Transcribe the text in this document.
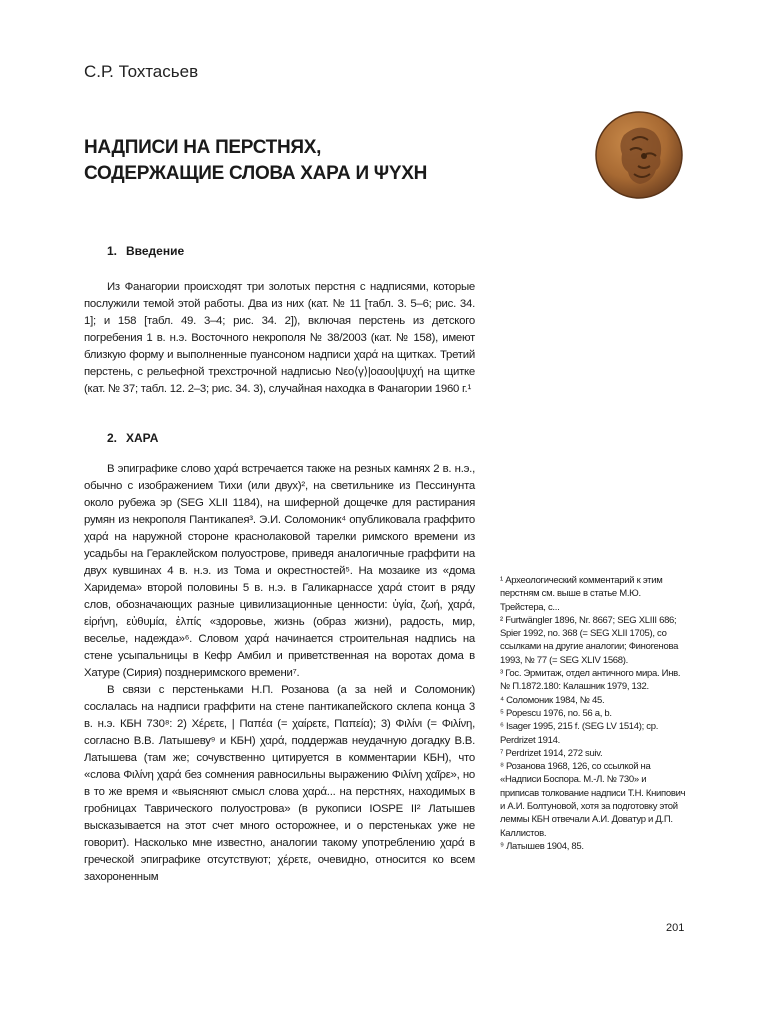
С.Р. Тохтасьев
НАДПИСИ НА ПЕРСТНЯХ,
СОДЕРЖАЩИЕ СЛОВА ΧΑΡΑ И ΨΥΧΗ
1. Введение

Из Фанагории происходят три золотых перстня с надписями, которые послужили темой этой работы. Два из них (кат. № 11 [табл. 3. 5–6; рис. 34. 1]; и 158 [табл. 49. 3–4; рис. 34. 2]), включая перстень из детского погребения 1 в. н.э. Восточного некрополя № 38/2003 (кат. № 158), имеют близкую форму и выполненные пуансоном надписи χαρά на щитках. Третий перстень, с рельефной трехстрочной надписью Νεο⟨γ⟩|οαου|ψυχή на щитке (кат. № 37; табл. 12. 2–3; рис. 34. 3), случайная находка в Фанагории 1960 г.¹

2. ΧΑΡΑ

В эпиграфике слово χαρά встречается также на резных камнях 2 в. н.э., обычно с изображением Тихи (или двух)², на светильнике из Пессинунта около рубежа эр (SEG XLII 1184), на шиферной дощечке для растирания румян из некрополя Пантикапея³. Э.И. Соломоник⁴ опубликовала граффито χαρά на наружной стороне краснолаковой тарелки римского времени из усадьбы на Гераклейском полуострове, приведя аналогичные граффити на двух кувшинах 4 в. н.э. из Тома и окрестностей⁵. На мозаике из «дома Харидема» второй половины 5 в. н.э. в Галикарнассе χαρά стоит в ряду слов, обозначающих разные цивилизационные ценности: ὑγία, ζωή, χαρά, εἰρήνη, εὐθυμία, ἐλπίς «здоровье, жизнь (образ жизни), радость, мир, веселье, надежда»⁶. Словом χαρά начинается строительная надпись на стене усыпальницы в Кефр Амбил и приветственная на воротах дома в Хатуре (Сирия) позднеримского времени⁷.

В связи с перстеньками Н.П. Розанова (а за ней и Соломоник) сослалась на надписи граффити на стене пантикапейского склепа конца 3 в. н.э. КБН 730⁸: 2) Χέρετε, | Παπέα (= χαίρετε, Παπεία); 3) Φιλίνι (= Φιλίνη, согласно В.В. Латышеву⁹ и КБН) χαρά, поддержав неудачную догадку В.В. Латышева (там же; сочувственно цитируется в комментарии КБН), что «слова Φιλίνη χαρά без сомнения равносильны выражению Φιλίνη χαῖρε», но в то же время и «выясняют смысл слова χαρά... на перстнях, находимых в гробницах Таврического полуострова» (в рукописи IOSPE II² Латышев высказывается на этот счет много осторожнее, и о перстеньках уже не говорит). Насколько мне известно, аналогии такому употреблению χαρά в греческой эпиграфике отсутствуют; χέρετε, очевидно, относится ко всем захороненным

¹ Археологический комментарий к этим перстням см. выше в статье М.Ю. Трейстера, с...

² Furtwängler 1896, Nr. 8667; SEG XLIII 686; Spier 1992, no. 368 (= SEG XLII 1705), со ссылками на другие аналогии; Финогенова 1993, № 77 (= SEG XLIV 1568).

³ Гос. Эрмитаж, отдел античного мира. Инв. № П.1872.180: Калашник 1979, 132.

⁴ Соломоник 1984, № 45.

⁵ Popescu 1976, no. 56 a, b.

⁶ Isager 1995, 215 f. (SEG LV 1514); cp. Perdrizet 1914.

⁷ Perdrizet 1914, 272 suiv.

⁸ Розанова 1968, 126, со ссылкой на «Надписи Боспора. М.-Л. № 730» и приписав толкование надписи Т.Н. Книпович и А.И. Болтуновой, хотя за подготовку этой леммы КБН отвечали А.И. Доватур и Д.П. Каллистов.

⁹ Латышев 1904, 85.

201
